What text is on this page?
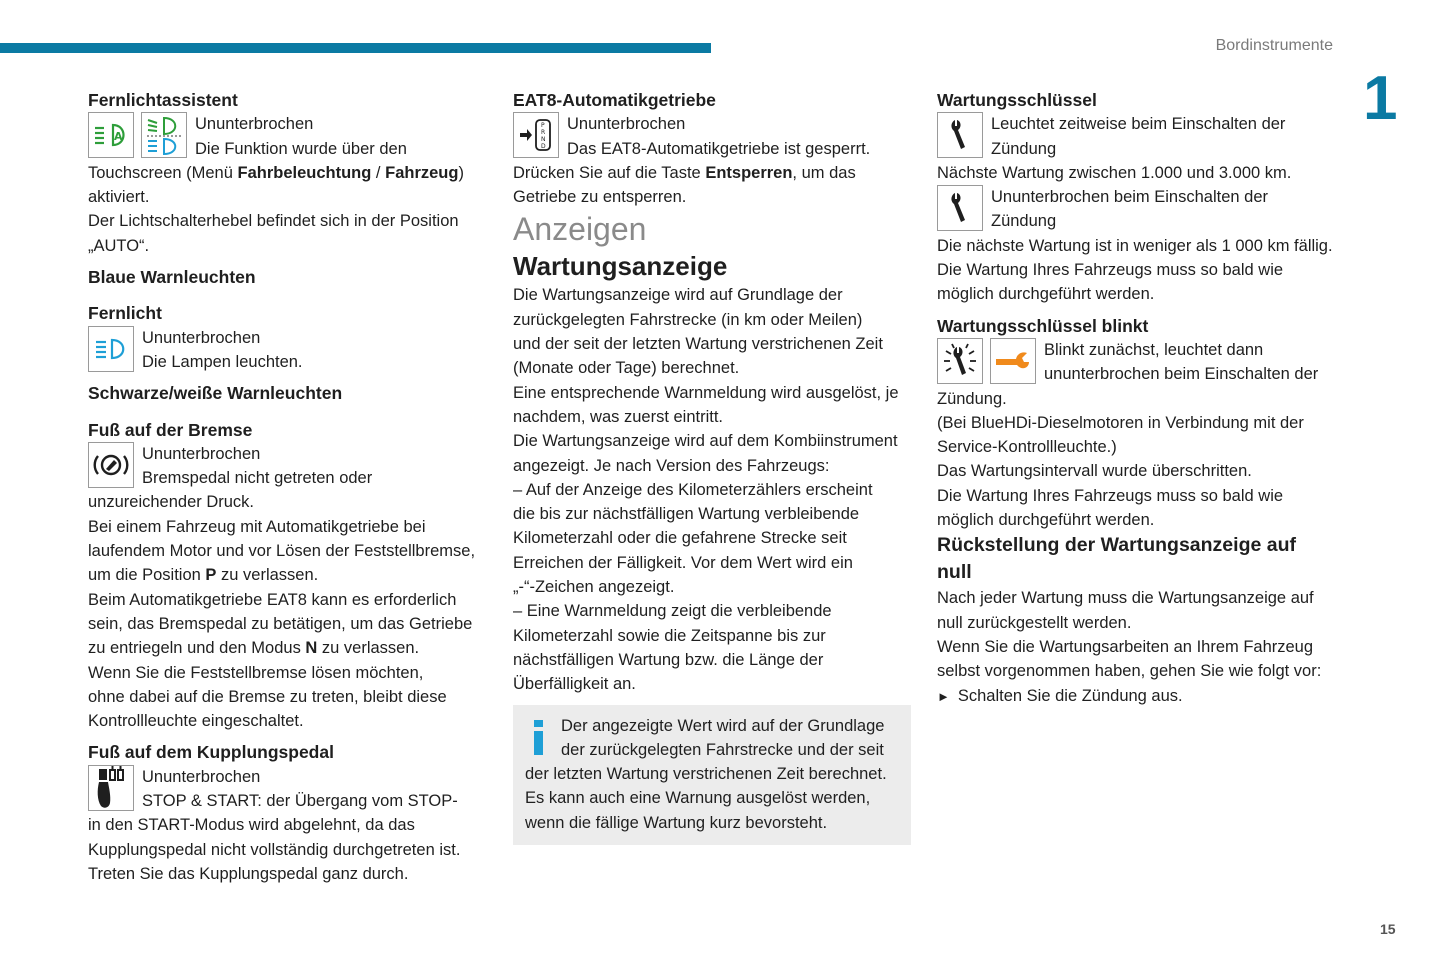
Bordinstrumente
1
15

Fernlichtassistent

A

Ununterbrochen

Die Funktion wurde über den

Touchscreen (Menü Fahrbeleuchtung / Fahrzeug)

aktiviert.

Der Lichtschalterhebel befindet sich in der Position

„AUTO“.

Blaue Warnleuchten

Fernlicht

Ununterbrochen

Die Lampen leuchten.

Schwarze/weiße Warnleuchten

Fuß auf der Bremse

Ununterbrochen

Bremspedal nicht getreten oder

unzureichender Druck.

Bei einem Fahrzeug mit Automatikgetriebe bei

laufendem Motor und vor Lösen der Feststellbremse,

um die Position P zu verlassen.

Beim Automatikgetriebe EAT8 kann es erforderlich

sein, das Bremspedal zu betätigen, um das Getriebe

zu entriegeln und den Modus N zu verlassen.

Wenn Sie die Feststellbremse lösen möchten,

ohne dabei auf die Bremse zu treten, bleibt diese

Kontrollleuchte eingeschaltet.

Fuß auf dem Kupplungspedal

Ununterbrochen

STOP & START: der Übergang vom STOP-

in den START-Modus wird abgelehnt, da das

Kupplungspedal nicht vollständig durchgetreten ist.

Treten Sie das Kupplungspedal ganz durch.

EAT8-Automatikgetriebe

P
R
N
D

Ununterbrochen

Das EAT8-Automatikgetriebe ist gesperrt.

Drücken Sie auf die Taste Entsperren, um das

Getriebe zu entsperren.

Anzeigen

Wartungsanzeige

Die Wartungsanzeige wird auf Grundlage der

zurückgelegten Fahrstrecke (in km oder Meilen)

und der seit der letzten Wartung verstrichenen Zeit

(Monate oder Tage) berechnet.

Eine entsprechende Warnmeldung wird ausgelöst, je

nachdem, was zuerst eintritt.

Die Wartungsanzeige wird auf dem Kombiinstrument

angezeigt. Je nach Version des Fahrzeugs:

– Auf der Anzeige des Kilometerzählers erscheint

die bis zur nächstfälligen Wartung verbleibende

Kilometerzahl oder die gefahrene Strecke seit

Erreichen der Fälligkeit. Vor dem Wert wird ein

„-“-Zeichen angezeigt.

– Eine Warnmeldung zeigt die verbleibende

Kilometerzahl sowie die Zeitspanne bis zur

nächstfälligen Wartung bzw. die Länge der

Überfälligkeit an.

Der angezeigte Wert wird auf der Grundlage

der zurückgelegten Fahrstrecke und der seit

der letzten Wartung verstrichenen Zeit berechnet.

Es kann auch eine Warnung ausgelöst werden,

wenn die fällige Wartung kurz bevorsteht.

Wartungsschlüssel

Leuchtet zeitweise beim Einschalten der

Zündung

Nächste Wartung zwischen 1.000 und 3.000 km.

Ununterbrochen beim Einschalten der

Zündung

Die nächste Wartung ist in weniger als 1 000 km fällig.

Die Wartung Ihres Fahrzeugs muss so bald wie

möglich durchgeführt werden.

Wartungsschlüssel blinkt

Blinkt zunächst, leuchtet dann

ununterbrochen beim Einschalten der

Zündung.

(Bei BlueHDi-Dieselmotoren in Verbindung mit der

Service-Kontrollleuchte.)

Das Wartungsintervall wurde überschritten.

Die Wartung Ihres Fahrzeugs muss so bald wie

möglich durchgeführt werden.

Rückstellung der Wartungsanzeige auf
null

Nach jeder Wartung muss die Wartungsanzeige auf

null zurückgestellt werden.

Wenn Sie die Wartungsarbeiten an Ihrem Fahrzeug

selbst vorgenommen haben, gehen Sie wie folgt vor:

► Schalten Sie die Zündung aus.
